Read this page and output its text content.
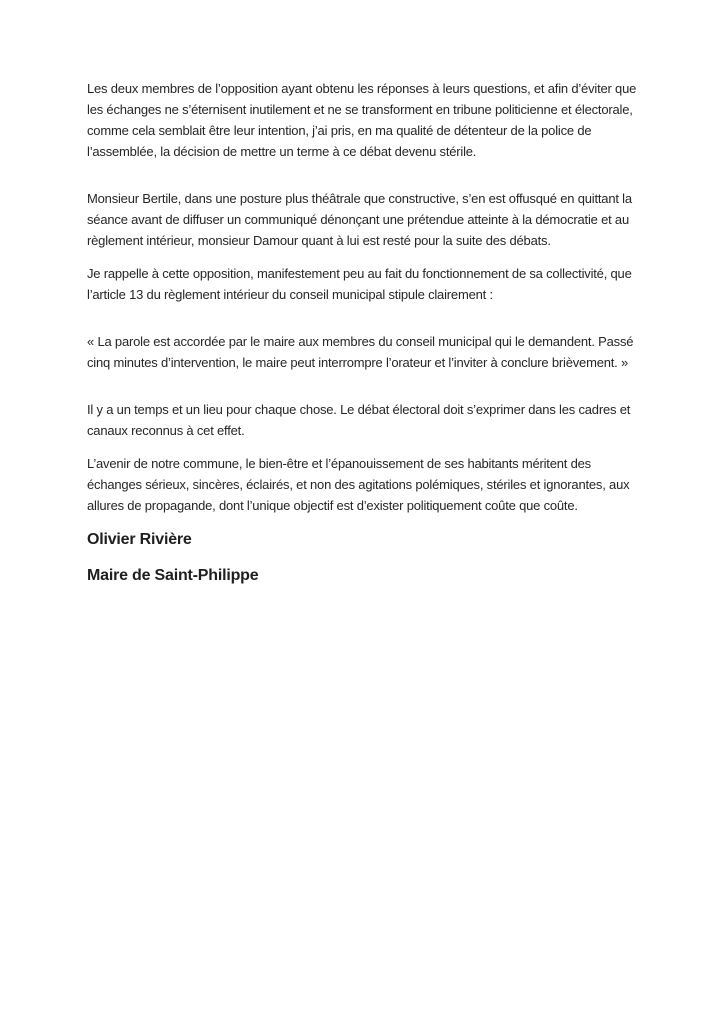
Les deux membres de l’opposition ayant obtenu les réponses à leurs questions, et afin d’éviter que les échanges ne s’éternisent inutilement et ne se transforment en tribune politicienne et électorale, comme cela semblait être leur intention, j’ai pris, en ma qualité de détenteur de la police de l’assemblée, la décision de mettre un terme à ce débat devenu stérile.

Monsieur Bertile, dans une posture plus théâtrale que constructive, s’en est offusqué en quittant la séance avant de diffuser un communiqué dénonçant une prétendue atteinte à la démocratie et au règlement intérieur, monsieur Damour quant à lui est resté pour la suite des débats.

Je rappelle à cette opposition, manifestement peu au fait du fonctionnement de sa collectivité, que l’article 13 du règlement intérieur du conseil municipal stipule clairement :

« La parole est accordée par le maire aux membres du conseil municipal qui le demandent. Passé cinq minutes d’intervention, le maire peut interrompre l’orateur et l’inviter à conclure brièvement. »

Il y a un temps et un lieu pour chaque chose. Le débat électoral doit s’exprimer dans les cadres et canaux reconnus à cet effet.

L’avenir de notre commune, le bien-être et l’épanouissement de ses habitants méritent des échanges sérieux, sincères, éclairés, et non des agitations polémiques, stériles et ignorantes, aux allures de propagande, dont l’unique objectif est d’exister politiquement coûte que coûte.

Olivier Rivière

Maire de Saint-Philippe
